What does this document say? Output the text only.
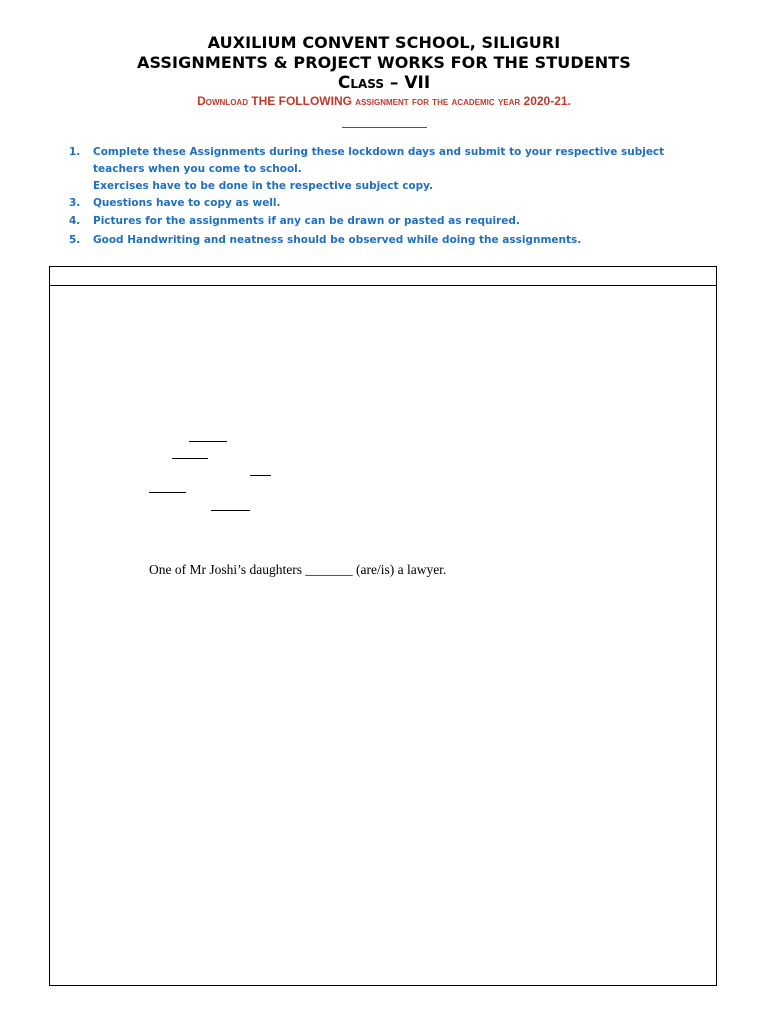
AUXILIUM CONVENT SCHOOL, SILIGURI
ASSIGNMENTS & PROJECT WORKS FOR THE STUDENTS
Class – VII
Download THE FOLLOWING assignment for the academic year 2020-21.
1. Complete these Assignments during these lockdown days and submit to your respective subject teachers when you come to school.
Exercises have to be done in the respective subject copy.
3. Questions have to copy as well.
4. Pictures for the assignments if any can be drawn or pasted as required.
5. Good Handwriting and neatness should be observed while doing the assignments.
One of Mr Joshi’s daughters _______ (are/is) a lawyer.
